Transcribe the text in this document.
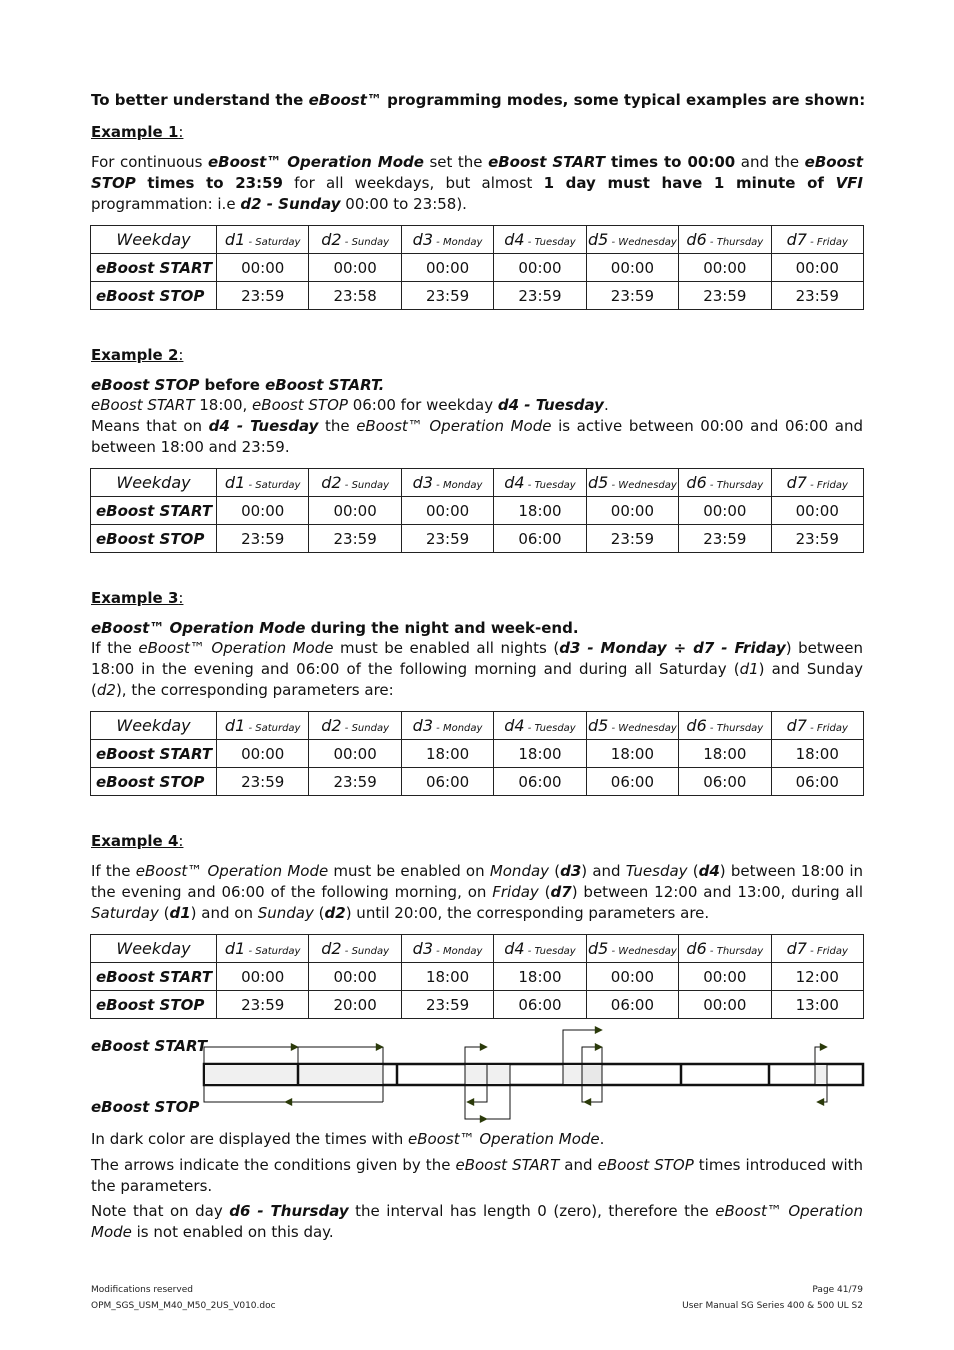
To better understand the eBoost™ programming modes, some typical examples are shown:
Example 1:
For continuous eBoost™ Operation Mode set the eBoost START times to 00:00 and the eBoost STOP times to 23:59 for all weekdays, but almost 1 day must have 1 minute of VFI programmation: i.e d2 - Sunday 00:00 to 23:58).
Weekday	d1 - Saturday	d2 - Sunday	d3 - Monday	d4 - Tuesday	d5 - Wednesday	d6 - Thursday	d7 - Friday
eBoost START	00:00	00:00	00:00	00:00	00:00	00:00	00:00
eBoost STOP	23:59	23:58	23:59	23:59	23:59	23:59	23:59
Example 2:
eBoost STOP before eBoost START.
eBoost START 18:00, eBoost STOP 06:00 for weekday d4 - Tuesday.
Means that on d4 - Tuesday the eBoost™ Operation Mode is active between 00:00 and 06:00 and between 18:00 and 23:59.
Weekday	d1 - Saturday	d2 - Sunday	d3 - Monday	d4 - Tuesday	d5 - Wednesday	d6 - Thursday	d7 - Friday
eBoost START	00:00	00:00	00:00	18:00	00:00	00:00	00:00
eBoost STOP	23:59	23:59	23:59	06:00	23:59	23:59	23:59
Example 3:
eBoost™ Operation Mode during the night and week-end.
If the eBoost™ Operation Mode must be enabled all nights (d3 - Monday ÷ d7 - Friday) between 18:00 in the evening and 06:00 of the following morning and during all Saturday (d1) and Sunday (d2), the corresponding parameters are:
Weekday	d1 - Saturday	d2 - Sunday	d3 - Monday	d4 - Tuesday	d5 - Wednesday	d6 - Thursday	d7 - Friday
eBoost START	00:00	00:00	18:00	18:00	18:00	18:00	18:00
eBoost STOP	23:59	23:59	06:00	06:00	06:00	06:00	06:00
Example 4:
If the eBoost™ Operation Mode must be enabled on Monday (d3) and Tuesday (d4) between 18:00 in the evening and 06:00 of the following morning, on Friday (d7) between 12:00 and 13:00, during all Saturday (d1) and on Sunday (d2) until 20:00, the corresponding parameters are.
Weekday	d1 - Saturday	d2 - Sunday	d3 - Monday	d4 - Tuesday	d5 - Wednesday	d6 - Thursday	d7 - Friday
eBoost START	00:00	00:00	18:00	18:00	00:00	00:00	12:00
eBoost STOP	23:59	20:00	23:59	06:00	06:00	00:00	13:00
eBoost START
eBoost STOP
In dark color are displayed the times with eBoost™ Operation Mode.
The arrows indicate the conditions given by the eBoost START and eBoost STOP times introduced with the parameters.
Note that on day d6 - Thursday the interval has length 0 (zero), therefore the eBoost™ Operation Mode is not enabled on this day.
Modifications reserved
OPM_SGS_USM_M40_M50_2US_V010.doc
Page 41/79
User Manual SG Series 400 & 500 UL S2
